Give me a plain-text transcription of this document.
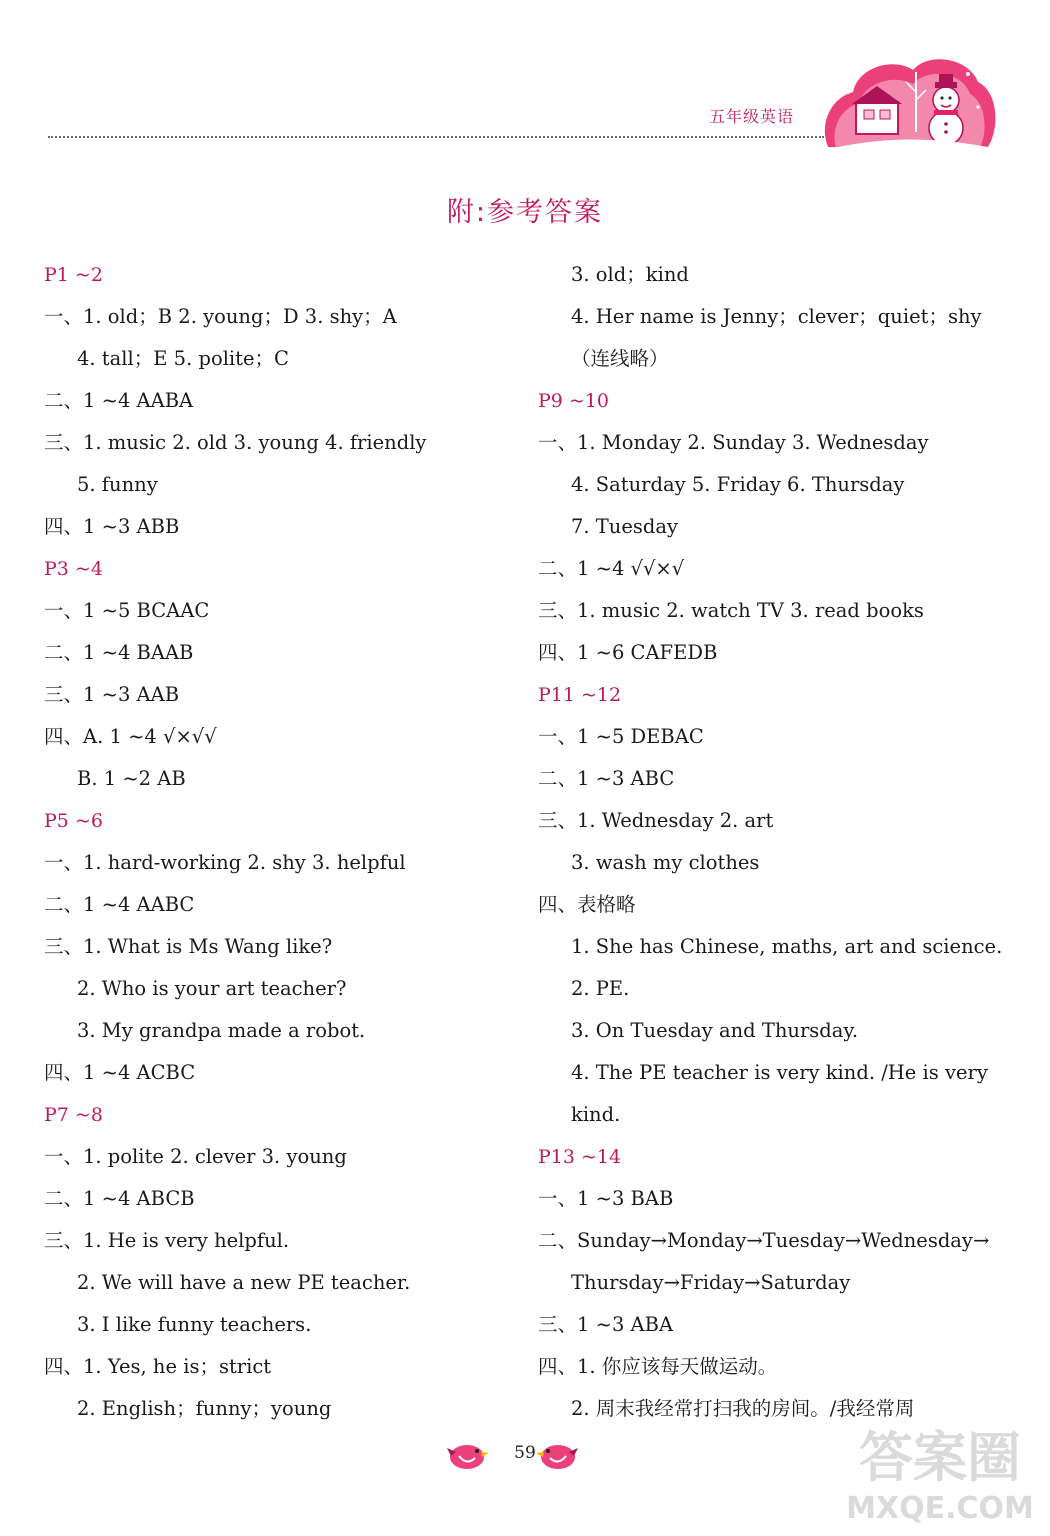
五年级英语
附:参考答案
P1 ~2
一、1. old；B 2. young；D 3. shy；A
4. tall；E 5. polite；C
二、1 ~4 AABA
三、1. music 2. old 3. young 4. friendly
5. funny
四、1 ~3 ABB
P3 ~4
一、1 ~5 BCAAC
二、1 ~4 BAAB
三、1 ~3 AAB
四、A. 1 ~4 √×√√
B. 1 ~2 AB
P5 ~6
一、1. hard-working 2. shy 3. helpful
二、1 ~4 AABC
三、1. What is Ms Wang like?
2. Who is your art teacher?
3. My grandpa made a robot.
四、1 ~4 ACBC
P7 ~8
一、1. polite 2. clever 3. young
二、1 ~4 ABCB
三、1. He is very helpful.
2. We will have a new PE teacher.
3. I like funny teachers.
四、1. Yes, he is；strict
2. English；funny；young
3. old；kind
4. Her name is Jenny；clever；quiet；shy
（连线略）
P9 ~10
一、1. Monday 2. Sunday 3. Wednesday
4. Saturday 5. Friday 6. Thursday
7. Tuesday
二、1 ~4 √√×√
三、1. music 2. watch TV 3. read books
四、1 ~6 CAFEDB
P11 ~12
一、1 ~5 DEBAC
二、1 ~3 ABC
三、1. Wednesday 2. art
3. wash my clothes
四、表格略
1. She has Chinese, maths, art and science.
2. PE.
3. On Tuesday and Thursday.
4. The PE teacher is very kind. /He is very
kind.
P13 ~14
一、1 ~3 BAB
二、Sunday→Monday→Tuesday→Wednesday→
Thursday→Friday→Saturday
三、1 ~3 ABA
四、1. 你应该每天做运动。
2. 周末我经常打扫我的房间。/我经常周
59	答案圈
MXQE.COM
